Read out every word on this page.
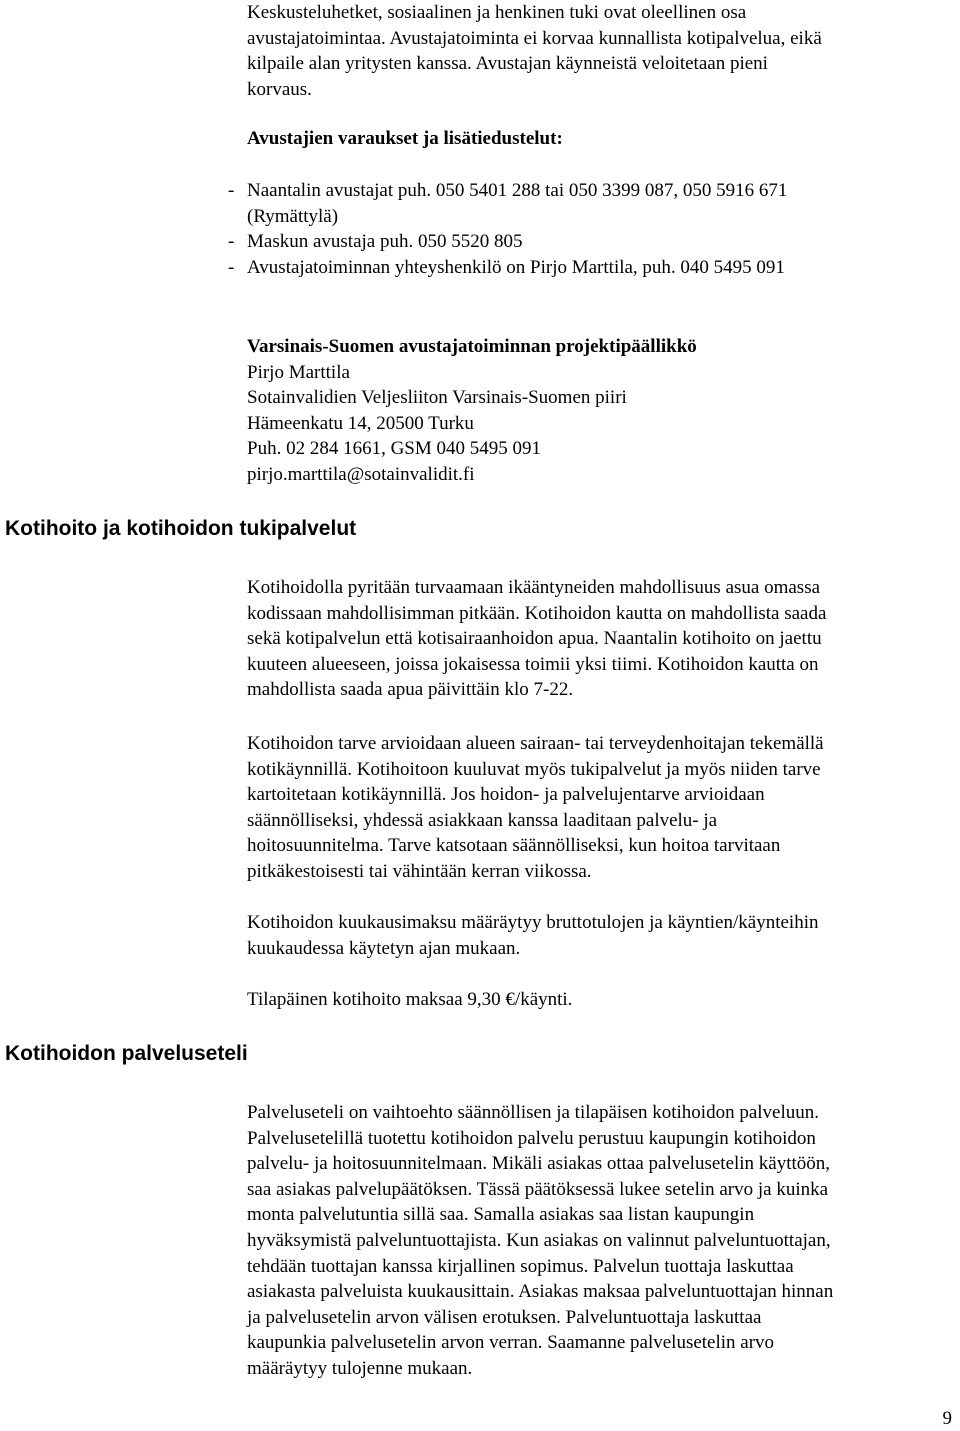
Keskusteluhetket, sosiaalinen ja henkinen tuki ovat oleellinen osa
avustajatoimintaa. Avustajatoiminta ei korvaa kunnallista kotipalvelua, eikä
kilpaile alan yritysten kanssa. Avustajan käynneistä veloitetaan pieni
korvaus.

Avustajien varaukset ja lisätiedustelut:

- Naantalin avustajat puh. 050 5401 288 tai 050 3399 087, 050 5916 671
(Rymättylä)
- Maskun avustaja puh. 050 5520 805
- Avustajatoiminnan yhteyshenkilö on Pirjo Marttila, puh. 040 5495 091
Varsinais-Suomen avustajatoiminnan projektipäällikkö
Pirjo Marttila
Sotainvalidien Veljesliiton Varsinais-Suomen piiri
Hämeenkatu 14, 20500 Turku
Puh. 02 284 1661, GSM 040 5495 091
pirjo.marttila@sotainvalidit.fi
Kotihoito ja kotihoidon tukipalvelut
Kotihoidolla pyritään turvaamaan ikääntyneiden mahdollisuus asua omassa
kodissaan mahdollisimman pitkään. Kotihoidon kautta on mahdollista saada
sekä kotipalvelun että kotisairaanhoidon apua. Naantalin kotihoito on jaettu
kuuteen alueeseen, joissa jokaisessa toimii yksi tiimi. Kotihoidon kautta on
mahdollista saada apua päivittäin klo 7-22.
Kotihoidon tarve arvioidaan alueen sairaan- tai terveydenhoitajan tekemällä
kotikäynnillä. Kotihoitoon kuuluvat myös tukipalvelut ja myös niiden tarve
kartoitetaan kotikäynnillä. Jos hoidon- ja palvelujentarve arvioidaan
säännölliseksi, yhdessä asiakkaan kanssa laaditaan palvelu- ja
hoitosuunnitelma. Tarve katsotaan säännölliseksi, kun hoitoa tarvitaan
pitkäkestoisesti tai vähintään kerran viikossa.
Kotihoidon kuukausimaksu määräytyy bruttotulojen ja käyntien/käynteihin
kuukaudessa käytetyn ajan mukaan.
Tilapäinen kotihoito maksaa 9,30 €/käynti.
Kotihoidon palveluseteli
Palveluseteli on vaihtoehto säännöllisen ja tilapäisen kotihoidon palveluun.
Palvelusetelillä tuotettu kotihoidon palvelu perustuu kaupungin kotihoidon
palvelu- ja hoitosuunnitelmaan. Mikäli asiakas ottaa palvelusetelin käyttöön,
saa asiakas palvelupäätöksen. Tässä päätöksessä lukee setelin arvo ja kuinka
monta palvelutuntia sillä saa. Samalla asiakas saa listan kaupungin
hyväksymistä palveluntuottajista. Kun asiakas on valinnut palveluntuottajan,
tehdään tuottajan kanssa kirjallinen sopimus. Palvelun tuottaja laskuttaa
asiakasta palveluista kuukausittain. Asiakas maksaa palveluntuottajan hinnan
ja palvelusetelin arvon välisen erotuksen. Palveluntuottaja laskuttaa
kaupunkia palvelusetelin arvon verran. Saamanne palvelusetelin arvo
määräytyy tulojenne mukaan.
9
